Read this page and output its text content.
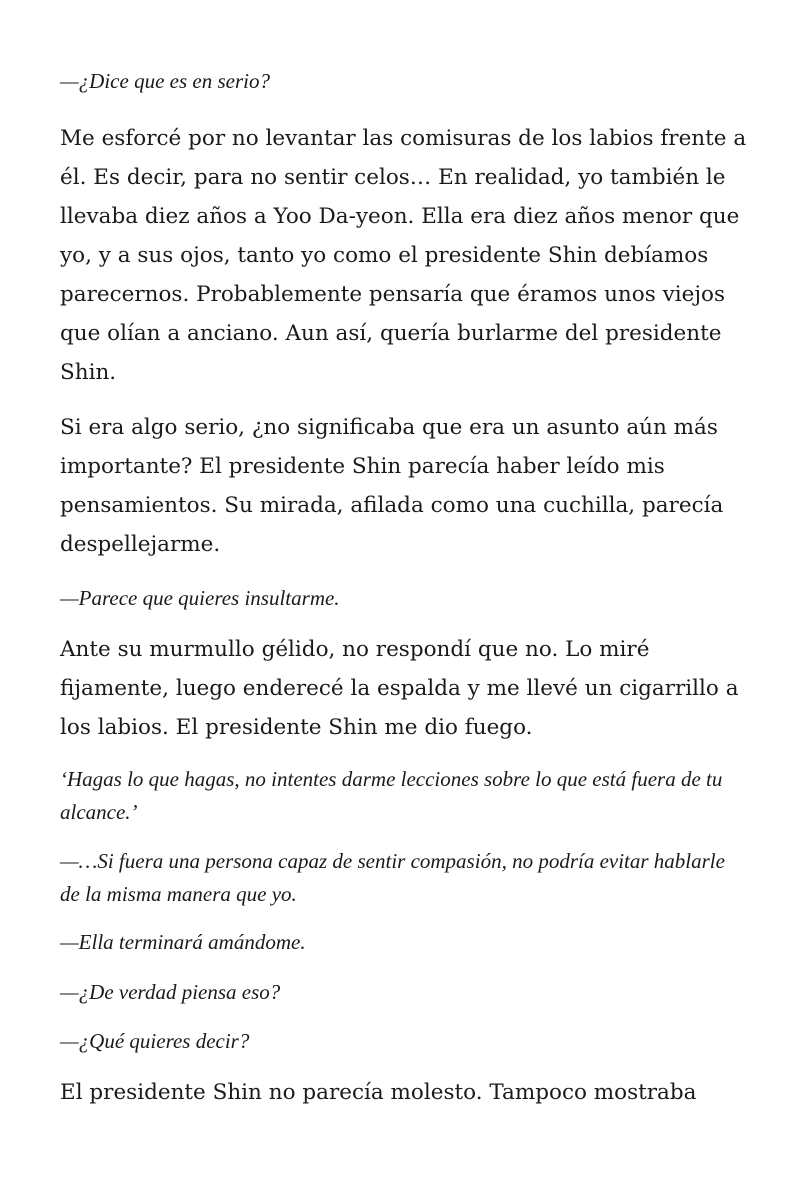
—¿Dice que es en serio?

Me esforcé por no levantar las comisuras de los labios frente a él. Es decir, para no sentir celos… En realidad, yo también le llevaba diez años a Yoo Da-yeon. Ella era diez años menor que yo, y a sus ojos, tanto yo como el presidente Shin debíamos parecernos. Probablemente pensaría que éramos unos viejos que olían a anciano. Aun así, quería burlarme del presidente Shin.

Si era algo serio, ¿no significaba que era un asunto aún más importante? El presidente Shin parecía haber leído mis pensamientos. Su mirada, afilada como una cuchilla, parecía despellejarme.

—Parece que quieres insultarme.

Ante su murmullo gélido, no respondí que no. Lo miré fijamente, luego enderecé la espalda y me llevé un cigarrillo a los labios. El presidente Shin me dio fuego.

‘Hagas lo que hagas, no intentes darme lecciones sobre lo que está fuera de tu alcance.’

—…Si fuera una persona capaz de sentir compasión, no podría evitar hablarle de la misma manera que yo.

—Ella terminará amándome.

—¿De verdad piensa eso?

—¿Qué quieres decir?

El presidente Shin no parecía molesto. Tampoco mostraba
